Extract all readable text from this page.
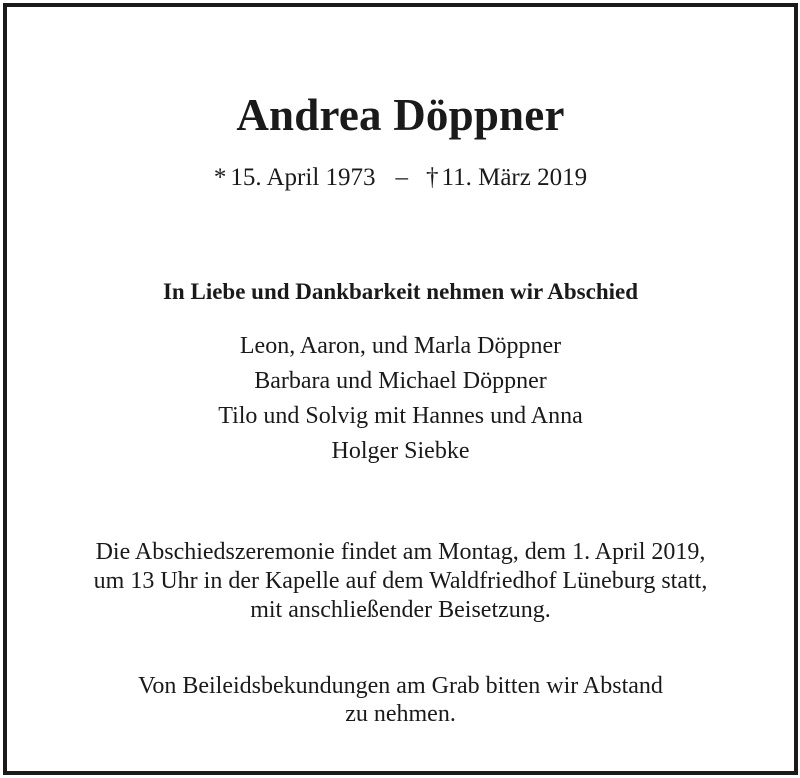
Andrea Döppner
* 15. April 1973 – † 11. März 2019
In Liebe und Dankbarkeit nehmen wir Abschied
Leon, Aaron, und Marla Döppner
Barbara und Michael Döppner
Tilo und Solvig mit Hannes und Anna
Holger Siebke
Die Abschiedszeremonie findet am Montag, dem 1. April 2019,
um 13 Uhr in der Kapelle auf dem Waldfriedhof Lüneburg statt,
mit anschließender Beisetzung.
Von Beileidsbekundungen am Grab bitten wir Abstand
zu nehmen.
